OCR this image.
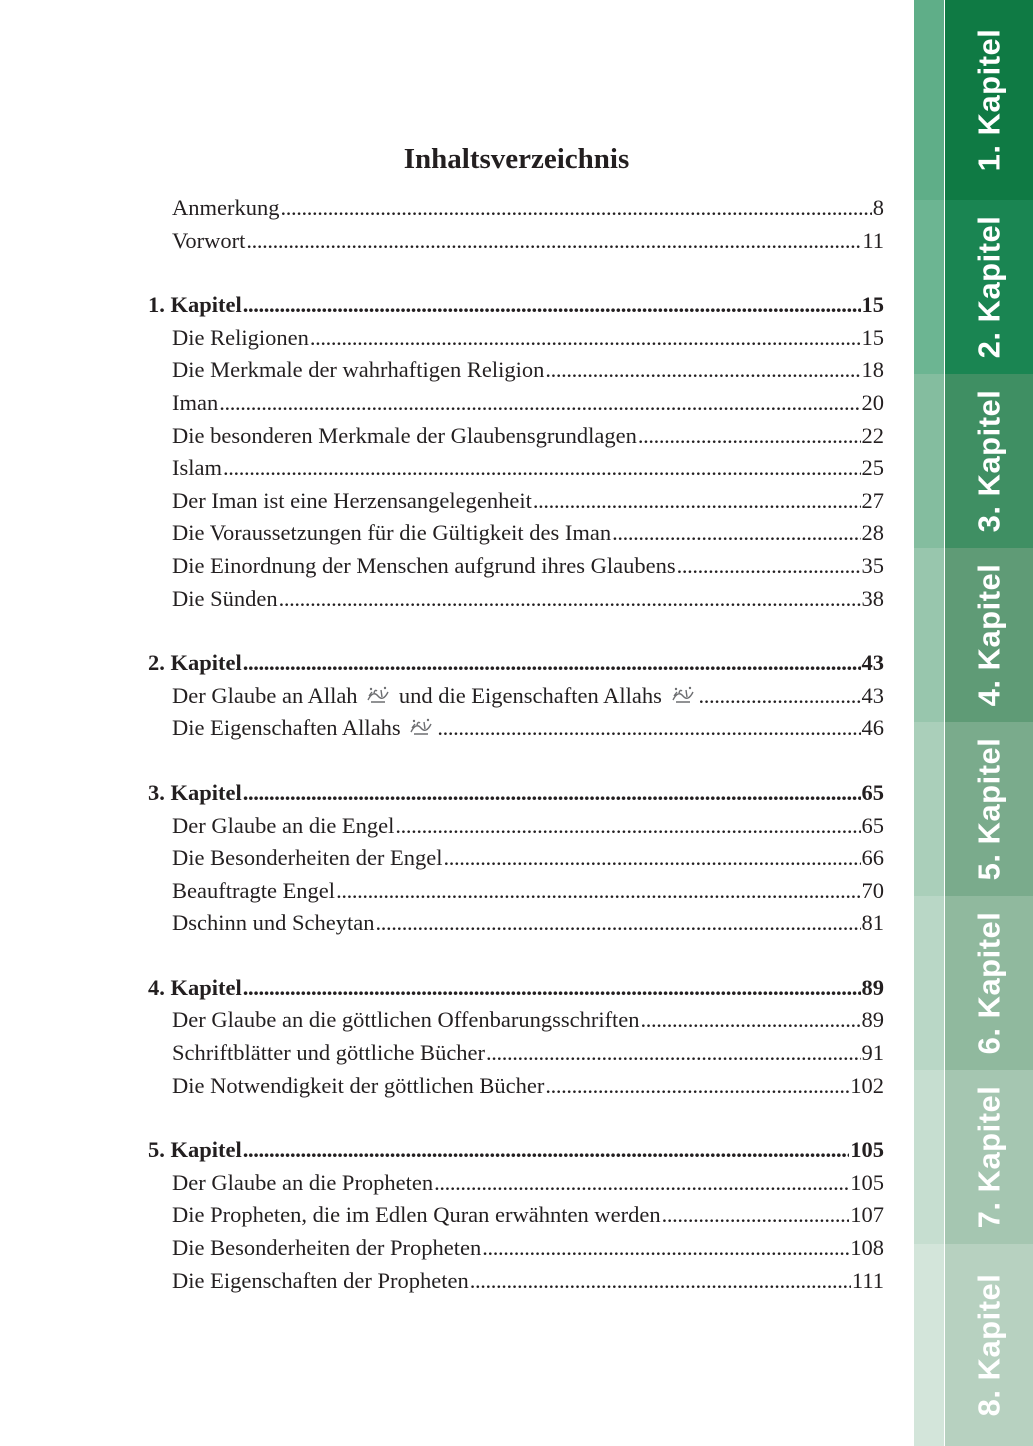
Inhaltsverzeichnis
Anmerkung . . .	8
Vorwort . . .	11
1. Kapitel . . .	15
Die Religionen . . .	15
Die Merkmale der wahrhaftigen Religion . . .	18
Iman . . .	20
Die besonderen Merkmale der Glaubensgrundlagen . . .	22
Islam . . .	25
Der Iman ist eine Herzensangelegenheit . . .	27
Die Voraussetzungen für die Gültigkeit des Iman . . .	28
Die Einordnung der Menschen aufgrund ihres Glaubens . . .	35
Die Sünden . . .	38
2. Kapitel . . .	43
Der Glaube an Allah und die Eigenschaften Allahs . . .	43
Die Eigenschaften Allahs . . .	46
3. Kapitel . . .	65
Der Glaube an die Engel . . .	65
Die Besonderheiten der Engel . . .	66
Beauftragte Engel . . .	70
Dschinn und Scheytan . . .	81
4. Kapitel . . .	89
Der Glaube an die göttlichen Offenbarungsschriften . . .	89
Schriftblätter und göttliche Bücher . . .	91
Die Notwendigkeit der göttlichen Bücher . . .	102
5. Kapitel . . .	105
Der Glaube an die Propheten . . .	105
Die Propheten, die im Edlen Quran erwähnten werden . . .	107
Die Besonderheiten der Propheten . . .	108
Die Eigenschaften der Propheten . . .	111
1. Kapitel
2. Kapitel
3. Kapitel
4. Kapitel
5. Kapitel
6. Kapitel
7. Kapitel
8. Kapitel
